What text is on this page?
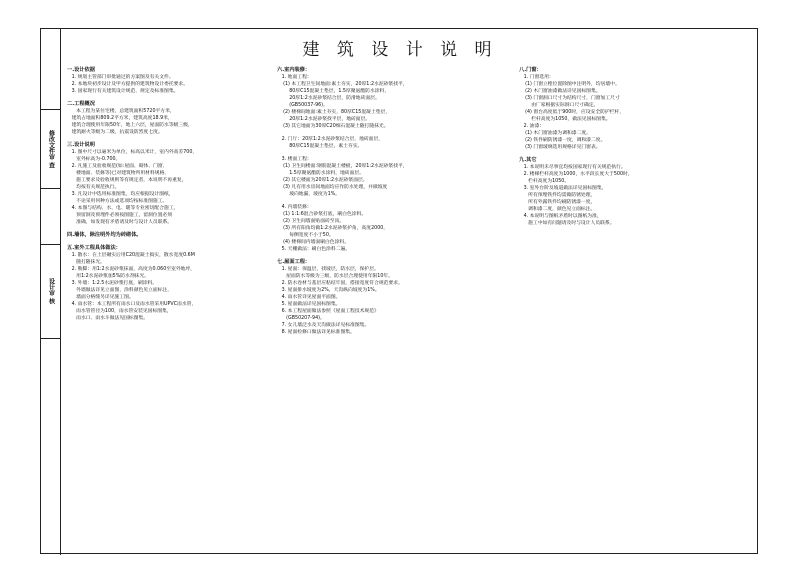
修改文件
审 查
设计
审 核
建 筑 设 计 说 明

一.设计依据

1. 规划主管部门审批通过的方案图及有关文件。

2. 本地块初步设计及甲方提供的建筑物设计委托要求。

3. 国家现行有关建筑设计规范、规定及标准图集。

二.工程概况

本工程为某住宅楼，总建筑面积5720平方米，

建筑占地面积809.2平方米，建筑高度18.9米，

建筑合理使用年限50年，地上六层，屋面防水等级三级，

建筑耐火等级为二级，抗震设防烈度七度。

三.设计说明

1. 图中尺寸以毫米为单位，标高以米计，室内外高差700，

室外标高为-0.700。

2. 凡施工及验收规范(如:屋面、砌体、门窗、

楼地面、装修等)已对建筑物所用材料规格、

施工要求及验收规则等有规定者，本说明不再重复，

均按有关规范执行。

3. 凡设计中选用标准图集，均应根据设计图纸，

不论采用何种方法或选项均按标准图施工。

4. 本图与结构、水、电、暖等专业密切配合施工，

预留洞及预埋件必须按图施工，留洞位置必须

准确，如发现有矛盾请及时与设计人员联系。

四.墙体，除注明外均为砖砌体。

五.室外工程具体做法：

1. 散水：在土层碾实后用C20混凝土捣实，散水宽度0.6M

随打随抹光。

2. 勒脚：用1:2水泥砂浆抹面，高度为0.060至室外地坪，

用1:2水泥砂浆加5%防水剂抹光。

3. 外墙：1:2.5水泥砂浆打底，刷涂料。

外墙做法详见立面图，涂料颜色见立面标注，

墙面分格缝另详见施工图。

4. 雨水管：本工程所有雨水口及雨水管采用UPVC雨水管，

雨水管管径为100，雨水管安装见国标图集，

雨水口、雨水斗做法见国标图集。

六.室内装修：

1. 地面工程：

(1) 本工程卫生间地面:素土夯实，20厚1:2水泥砂浆找平，

80厚C15混凝土垫层，1.5厚聚氨酯防水涂料，

20厚1:2水泥砂浆结合层，防滑地砖面层。

(GB50037-96)。

(2) 楼梯间地面:素土夯实，80厚C15混凝土垫层，

20厚1:2水泥砂浆找平层，地砖面层。

(3) 其它地面为30厚C20细石混凝土随打随抹光。

2. 门厅：20厚1:2水泥砂浆结合层，地砖面层，

80厚C15混凝土垫层，素土夯实。

3. 楼面工程：

(1) 卫生间楼面:钢筋混凝土楼板，20厚1:2水泥砂浆找平，

1.5厚聚氨酯防水涂料，地砖面层。

(2) 其它楼面为20厚1:2水泥砂浆面层。

(3) 凡有用水房间地面均应作防水处理，并做坡度

坡向地漏，坡度为1%。

4. 内墙装修：

(1) 1:1:6混合砂浆打底，刷白色涂料。

(2) 卫生间墙面贴面砖至顶。

(3) 所有阳角均做1:2水泥砂浆护角，高度2000，

每侧宽度不小于50。

(4) 楼梯间内墙面刷白色涂料。

5. 天棚做法：刷白色涂料二遍。

七.屋面工程：

1. 屋面：保温层，找坡层，防水层，保护层。

屋面防水等级为三级，防水层合理使用年限10年。

2. 防水卷材与基层应粘结牢固，搭接宽度符合规范要求。

3. 屋面排水坡度为2%，天沟纵向坡度为1%。

4. 雨水管详见屋面平面图。

5. 屋面做法详见国标图集。

6. 本工程屋面做法参照《屋面工程技术规范》

(GB50207-94)。

7. 女儿墙泛水及天沟做法详见标准图集。

8. 屋面检修口做法详见标准图集。

八.门窗：

1. 门窗选用：

(1) 门窗立樘位置除图中注明外，均居墙中。

(2) 木门窗油漆做法详见国标图集。

(3) 门窗洞口尺寸为结构尺寸，门窗加工尺寸

由厂家根据实际洞口尺寸确定。

(4) 窗台高度低于900时，应设安全防护栏杆，

栏杆高度为1050，做法见国标图集。

2. 油漆：

(1) 木门窗油漆为调和漆二度。

(2) 铁件刷防锈漆一度，调和漆二度。

(3) 门窗玻璃选用规格详见门窗表。

九.其它

1. 本说明未尽事宜均按国家现行有关规范执行。

2. 楼梯栏杆高度为1000，水平段长度大于500时，

栏杆高度为1050。

3. 室外台阶及坡道做法详见国标图集，

所有预埋铁件均需做防锈处理，

所有外露铁件均刷防锈漆一度，

调和漆二度，颜色见立面标注。

4. 本说明与图纸矛盾时以图纸为准，

施工中如有问题请及时与设计人员联系。
